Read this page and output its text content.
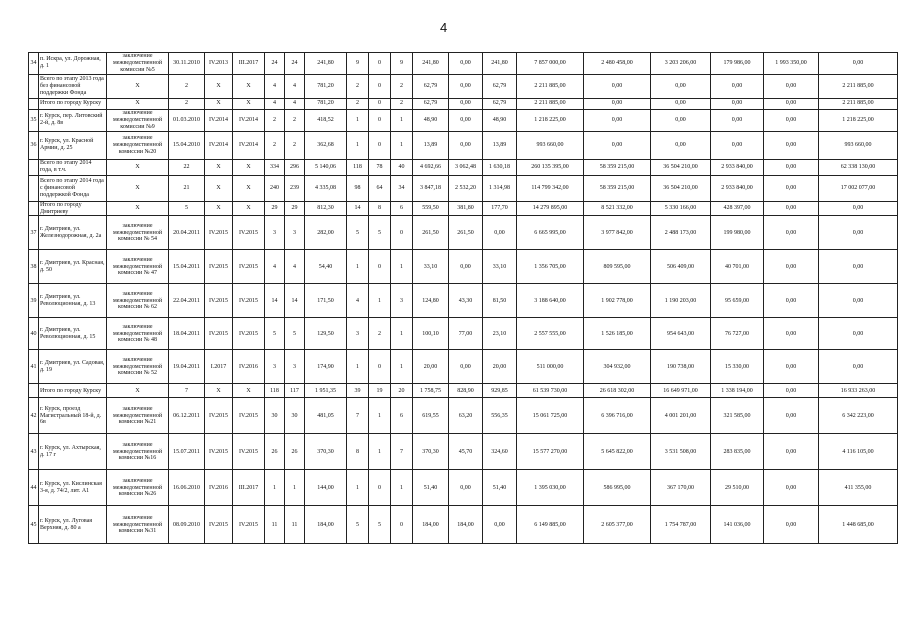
4
34	п. Искра, ул. Дорожная, д. 1	заключение межведомственной комиссии №5	30.11.2010	IV.2013	III.2017	24	24	241,80	9	0	9	241,80	0,00	241,80	7 857 000,00	2 480 458,00	3 203 206,00	179 986,00	1 993 350,00	0,00
	Всего по этапу 2013 года без финансовой поддержки Фонда	Х	2	Х	Х	4	4	781,20	2	0	2	62,79	0,00	62,79	2 211 885,00	0,00	0,00	0,00	0,00	2 211 885,00
	Итого по городу Курску	Х	2	Х	Х	4	4	781,20	2	0	2	62,79	0,00	62,79	2 211 885,00	0,00	0,00	0,00	0,00	2 211 885,00
35	г. Курск, пер. Литовский 2-й, д. 8в	заключение межведомственной комиссии №9	01.03.2010	IV.2014	IV.2014	2	2	418,52	1	0	1	48,90	0,00	48,90	1 218 225,00	0,00	0,00	0,00	0,00	1 218 225,00
36	г. Курск, ул. Красной Армии, д. 25	заключение межведомственной комиссии №20	15.04.2010	IV.2014	IV.2014	2	2	362,68	1	0	1	13,89	0,00	13,89	993 660,00	0,00	0,00	0,00	0,00	993 660,00
	Всего по этапу 2014 года, в т.ч.	Х	22	Х	Х	334	296	5 140,06	118	78	40	4 692,66	3 062,48	1 630,18	260 135 395,00	58 359 215,00	36 504 210,00	2 933 840,00	0,00	62 338 130,00
	Всего по этапу 2014 года с финансовой поддержкой Фонда	Х	21	Х	Х	240	239	4 335,08	98	64	34	3 847,18	2 532,20	1 314,98	114 799 342,00	58 359 215,00	36 504 210,00	2 933 840,00	0,00	17 002 077,00
	Итого по городу Дмитриеву	Х	5	Х	Х	29	29	812,30	14	8	6	559,50	381,80	177,70	14 279 895,00	8 521 332,00	5 330 166,00	428 397,00	0,00	0,00
37	г. Дмитриев, ул. Железнодорожная, д. 2а	заключение межведомственной комиссии № 54	20.04.2011	IV.2015	IV.2015	3	3	282,00	5	5	0	261,50	261,50	0,00	6 665 995,00	3 977 842,00	2 488 173,00	199 980,00	0,00	0,00
38	г. Дмитриев, ул. Красная, д. 50	заключение межведомственной комиссии № 47	15.04.2011	IV.2015	IV.2015	4	4	54,40	1	0	1	33,10	0,00	33,10	1 356 705,00	809 595,00	506 409,00	40 701,00	0,00	0,00
39	г. Дмитриев, ул. Революционная, д. 13	заключение межведомственной комиссии № 62	22.04.2011	IV.2015	IV.2015	14	14	171,50	4	1	3	124,80	43,30	81,50	3 188 640,00	1 902 778,00	1 190 203,00	95 659,00	0,00	0,00
40	г. Дмитриев, ул. Революционная, д. 15	заключение межведомственной комиссии № 48	18.04.2011	IV.2015	IV.2015	5	5	129,50	3	2	1	100,10	77,00	23,10	2 557 555,00	1 526 185,00	954 643,00	76 727,00	0,00	0,00
41	г. Дмитриев, ул. Садовая, д. 19	заключение межведомственной комиссии № 52	19.04.2011	I.2017	IV.2016	3	3	174,90	1	0	1	20,00	0,00	20,00	511 000,00	304 932,00	190 738,00	15 330,00	0,00	0,00
	Итого по городу Курску	Х	7	Х	Х	118	117	1 951,35	39	19	20	1 758,75	828,90	929,85	61 539 730,00	26 618 302,00	16 649 971,00	1 338 194,00	0,00	16 933 263,00
42	г. Курск, проезд Магистральный 18-й, д. 6в	заключение межведомственной комиссии №21	06.12.2011	IV.2015	IV.2015	30	30	481,05	7	1	6	619,55	63,20	556,35	15 061 725,00	6 396 716,00	4 001 201,00	321 585,00	0,00	6 342 223,00
43	г. Курск, ул. Ахтырская, д. 17 г	заключение межведомственной комиссии №16	15.07.2011	IV.2015	IV.2015	26	26	370,30	8	1	7	370,30	45,70	324,60	15 577 270,00	5 645 822,00	3 531 508,00	283 835,00	0,00	4 116 105,00
44	г. Курск, ул. Кислинская 3-я, д. 74/2, лит. А1	заключение межведомственной комиссии №26	16.06.2010	IV.2016	III.2017	1	1	144,00	1	0	1	51,40	0,00	51,40	1 395 030,00	586 995,00	367 170,00	29 510,00	0,00	411 355,00
45	г. Курск, ул. Луговая Верхняя, д. 80 а	заключение межведомственной комиссии №31	08.09.2010	IV.2015	IV.2015	11	11	184,00	5	5	0	184,00	184,00	0,00	6 149 885,00	2 605 377,00	1 754 787,00	141 036,00	0,00	1 448 685,00
